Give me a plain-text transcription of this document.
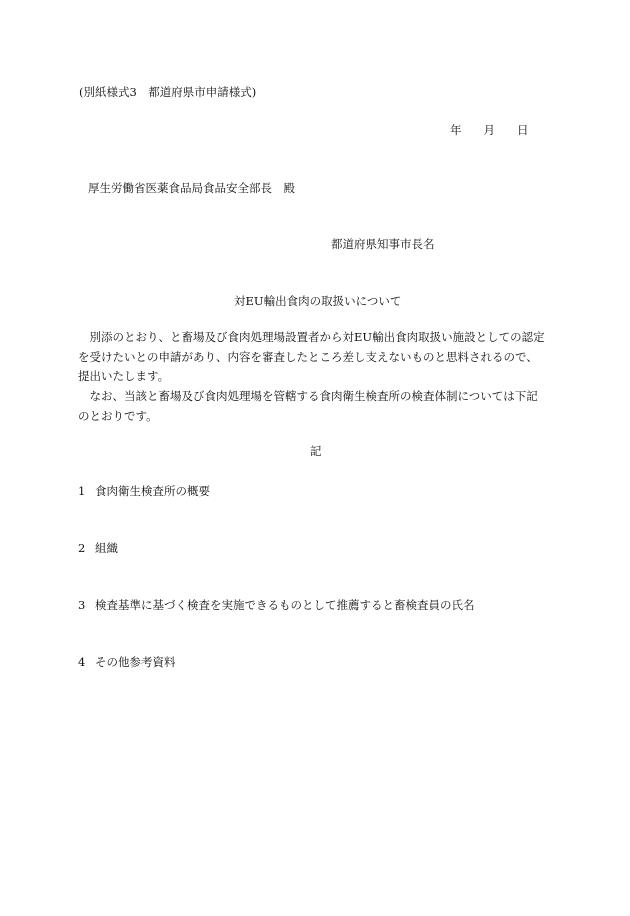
(別紙様式3　都道府県市申請様式)
年 月 日
厚生労働省医薬食品局食品安全部長　殿
都道府県知事市長名
対EU輸出食肉の取扱いについて
　別添のとおり、と畜場及び食肉処理場設置者から対EU輸出食肉取扱い施設としての認定
を受けたいとの申請があり、内容を審査したところ差し支えないものと思料されるので、
提出いたします。
　なお、当該と畜場及び食肉処理場を管轄する食肉衛生検査所の検査体制については下記
のとおりです。
記
1 食肉衛生検査所の概要
2 組織
3 検査基準に基づく検査を実施できるものとして推薦すると畜検査員の氏名
4 その他参考資料
